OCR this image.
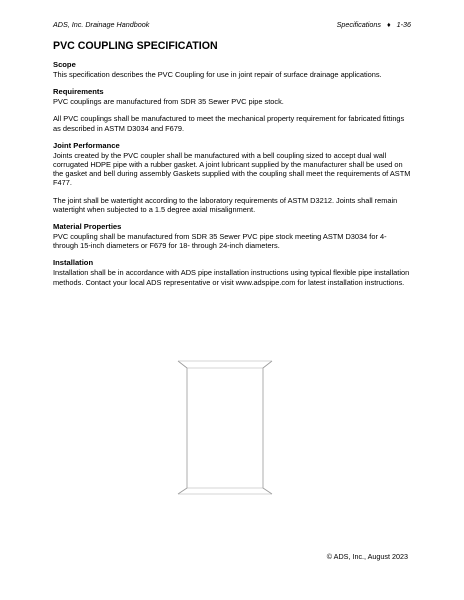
ADS, Inc. Drainage Handbook	Specifications ♦ 1-36
PVC COUPLING SPECIFICATION
Scope

This specification describes the PVC Coupling for use in joint repair of surface drainage applications.

Requirements

PVC couplings are manufactured from SDR 35 Sewer PVC pipe stock.

All PVC couplings shall be manufactured to meet the mechanical property requirement for fabricated fittings as described in ASTM D3034 and F679.

Joint Performance

Joints created by the PVC coupler shall be manufactured with a bell coupling sized to accept dual wall corrugated HDPE pipe with a rubber gasket. A joint lubricant supplied by the manufacturer shall be used on the gasket and bell during assembly Gaskets supplied with the coupling shall meet the requirements of ASTM F477.

The joint shall be watertight according to the laboratory requirements of ASTM D3212. Joints shall remain watertight when subjected to a 1.5 degree axial misalignment.

Material Properties

PVC coupling shall be manufactured from SDR 35 Sewer PVC pipe stock meeting ASTM D3034 for 4- through 15-inch diameters or F679 for 18- through 24-inch diameters.

Installation

Installation shall be in accordance with ADS pipe installation instructions using typical flexible pipe installation methods. Contact your local ADS representative or visit www.adspipe.com for latest installation instructions.

© ADS, Inc., August 2023
